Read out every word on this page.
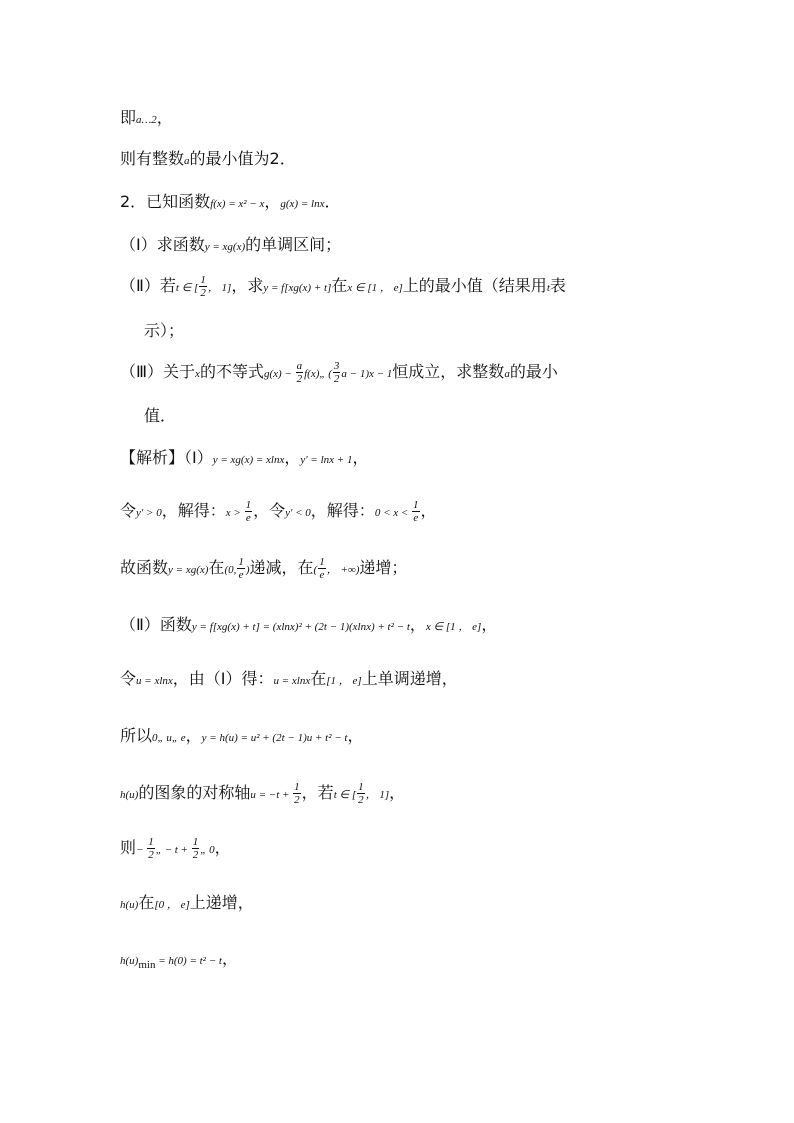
即a…2，
则有整数a的最小值为2．
2．已知函数f(x) = x² − x，g(x) = lnx．
（Ⅰ）求函数y = xg(x)的单调区间；
（Ⅱ）若t ∈ [ $\frac{1}{2}$ ， 1]，求y = f[xg(x) + t]在x ∈ [1 ， e]上的最小值（结果用t表
示）；
（Ⅲ）关于x的不等式$g(x) - \frac{a}{2}$ f(x)„ ( $\frac{3}{2}$ a − 1)x − 1恒成立，求整数a的最小
值．
【解析】（Ⅰ）y = xg(x) = xlnx，y′ = lnx + 1，
令y′ > 0，解得：$x > \frac{1}{e}$ ，令y′ < 0，解得：$0 < x < \frac{1}{e}$ ，
故函数y = xg(x)在(0, $\frac{1}{e}$ )递减，在( $\frac{1}{e}$ ， +∞)递增；
（Ⅱ）函数y = f[xg(x) + t] = (xlnx)² + (2t − 1)(xlnx) + t² − t，x ∈ [1 ， e]，
令u = xlnx，由（Ⅰ）得：u = xlnx在[1 ， e]上单调递增，
所以0„ u„ e，y = h(u) = u² + (2t − 1)u + t² − t，
h(u)的图象的对称轴$u = -t + \frac{1}{2}$ ，若t ∈ [ $\frac{1}{2}$ ， 1]，
则− $\frac{1}{2}$ „ − $t + \frac{1}{2}$ „ 0，
h(u)在[0 ， e]上递增，
$h(u)_{min} = h(0) = t^2 - t$，
